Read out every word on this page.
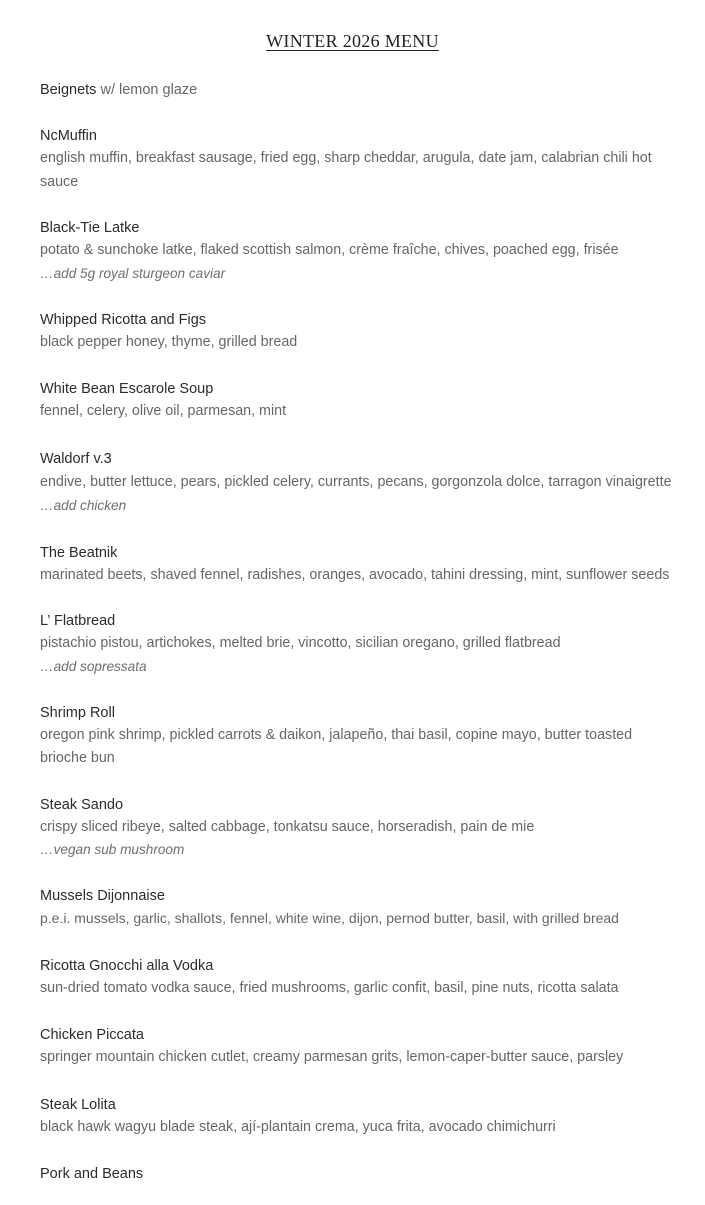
WINTER 2026 MENU
Beignets w/ lemon glaze
NcMuffin
english muffin, breakfast sausage, fried egg, sharp cheddar, arugula, date jam, calabrian chili hot sauce
Black-Tie Latke
potato & sunchoke latke, flaked scottish salmon, crème fraîche, chives, poached egg, frisée
…add 5g royal sturgeon caviar
Whipped Ricotta and Figs
black pepper honey, thyme, grilled bread
White Bean Escarole Soup
fennel, celery, olive oil, parmesan, mint
Waldorf v.3
endive, butter lettuce, pears, pickled celery, currants, pecans, gorgonzola dolce, tarragon vinaigrette …add chicken
The Beatnik
marinated beets, shaved fennel, radishes, oranges, avocado, tahini dressing, mint, sunflower seeds
L’ Flatbread
pistachio pistou, artichokes, melted brie, vincotto, sicilian oregano, grilled flatbread
…add sopressata
Shrimp Roll
oregon pink shrimp, pickled carrots & daikon, jalapeño, thai basil, copine mayo, butter toasted brioche bun
Steak Sando
crispy sliced ribeye, salted cabbage, tonkatsu sauce, horseradish, pain de mie
…vegan sub mushroom
Mussels Dijonnaise
p.e.i. mussels, garlic, shallots, fennel, white wine, dijon, pernod butter, basil, with grilled bread
Ricotta Gnocchi alla Vodka
sun-dried tomato vodka sauce, fried mushrooms, garlic confit, basil, pine nuts, ricotta salata
Chicken Piccata
springer mountain chicken cutlet, creamy parmesan grits, lemon-caper-butter sauce, parsley
Steak Lolita
black hawk wagyu blade steak, ají-plantain crema, yuca frita, avocado chimichurri
Pork and Beans
